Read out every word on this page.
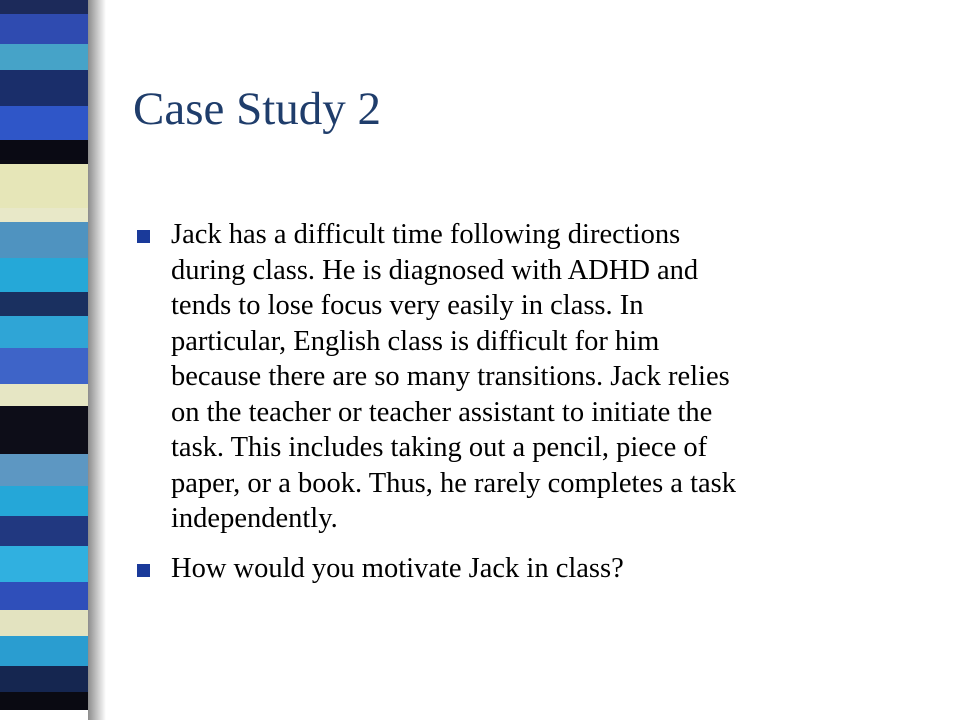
Case Study 2
Jack has a difficult time following directions
during class. He is diagnosed with ADHD and
tends to lose focus very easily in class. In
particular, English class is difficult for him
because there are so many transitions. Jack relies
on the teacher or teacher assistant to initiate the
task. This includes taking out a pencil, piece of
paper, or a book. Thus, he rarely completes a task
independently.
How would you motivate Jack in class?
